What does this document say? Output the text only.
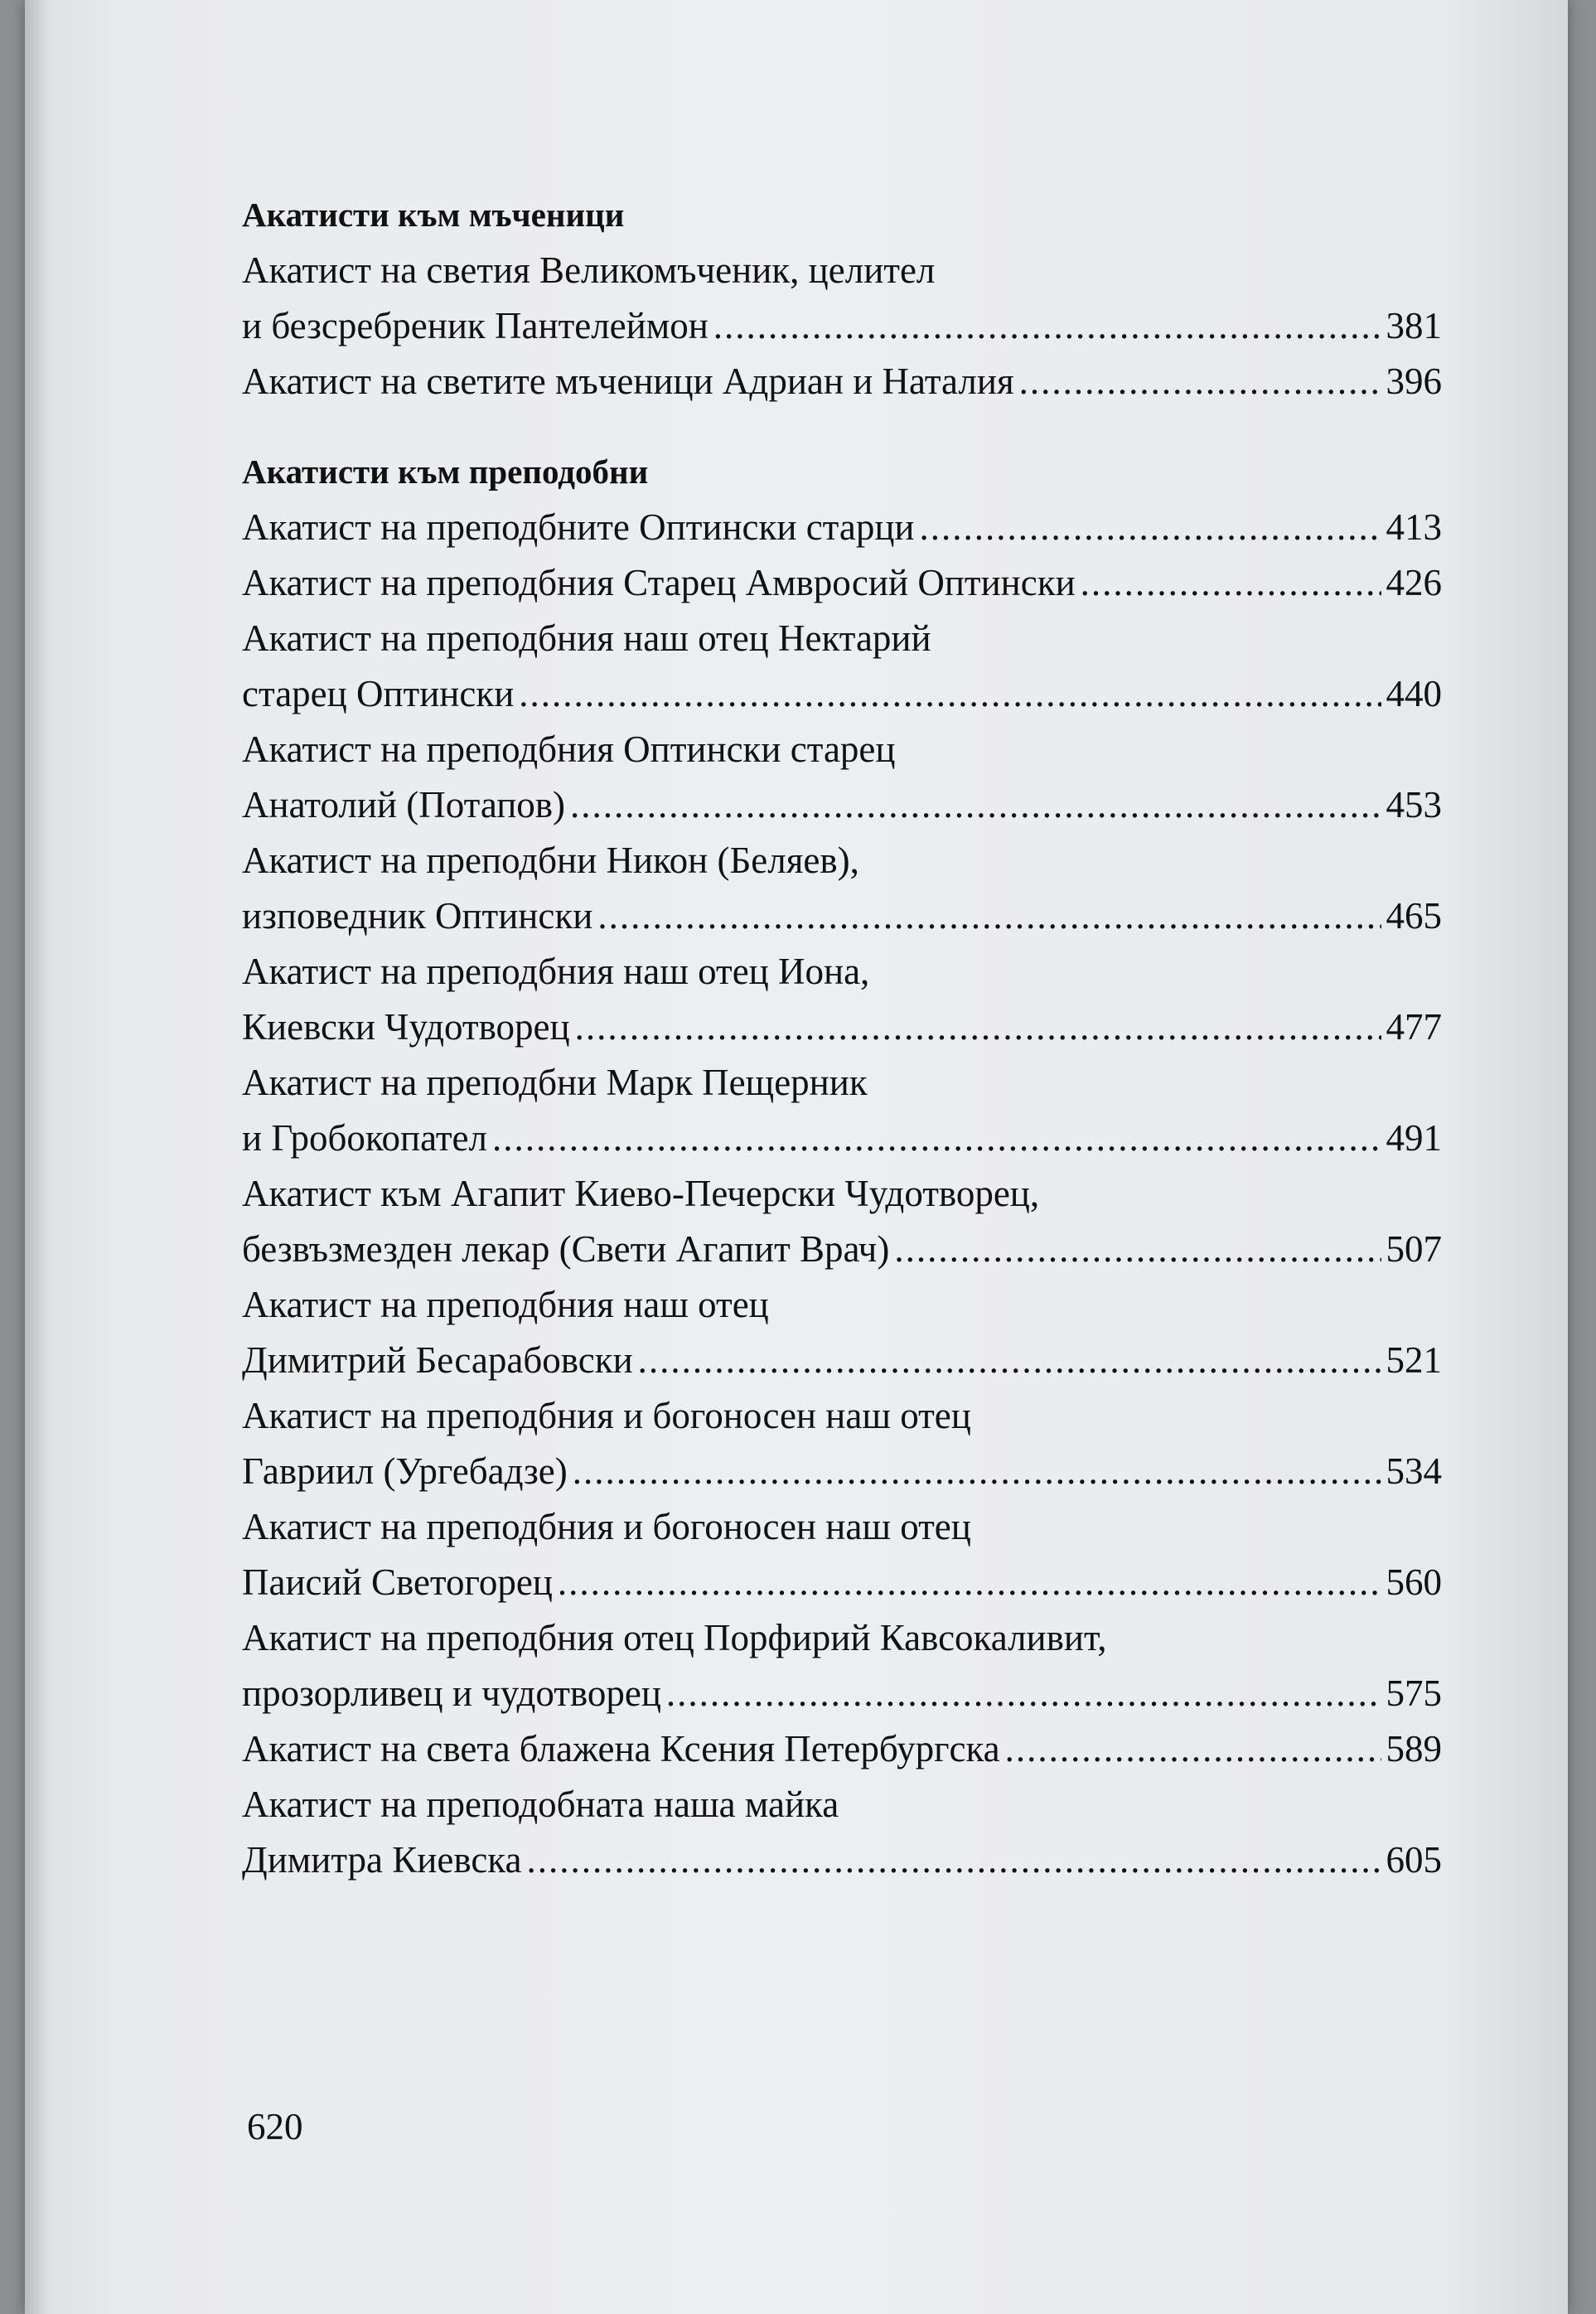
Акатисти към мъченици
Акатист на светия Великомъченик, целител
и безсребреник Пантелеймон .....	381
Акатист на светите мъченици Адриан и Наталия .....	396
Акатисти към преподобни
Акатист на преподбните Оптински старци .....	413
Акатист на преподбния Старец Амвросий Оптински .....	426
Акатист на преподбния наш отец Нектарий
старец Оптински .....	440
Акатист на преподбния Оптински старец
Анатолий (Потапов) .....	453
Акатист на преподбни Никон (Беляев),
изповедник Оптински .....	465
Акатист на преподбния наш отец Иона,
Киевски Чудотворец .....	477
Акатист на преподбни Марк Пещерник
и Гробокопател .....	491
Акатист към Агапит Киево-Печерски Чудотворец,
безвъзмезден лекар (Свети Агапит Врач) .....	507
Акатист на преподбния наш отец
Димитрий Бесарабовски .....	521
Акатист на преподбния и богоносен наш отец
Гавриил (Ургебадзе) .....	534
Акатист на преподбния и богоносен наш отец
Паисий Светогорец .....	560
Акатист на преподбния отец Порфирий Кавсокаливит,
прозорливец и чудотворец .....	575
Акатист на света блажена Ксения Петербургска .....	589
Акатист на преподобната наша майка
Димитра Киевска .....	605
620
